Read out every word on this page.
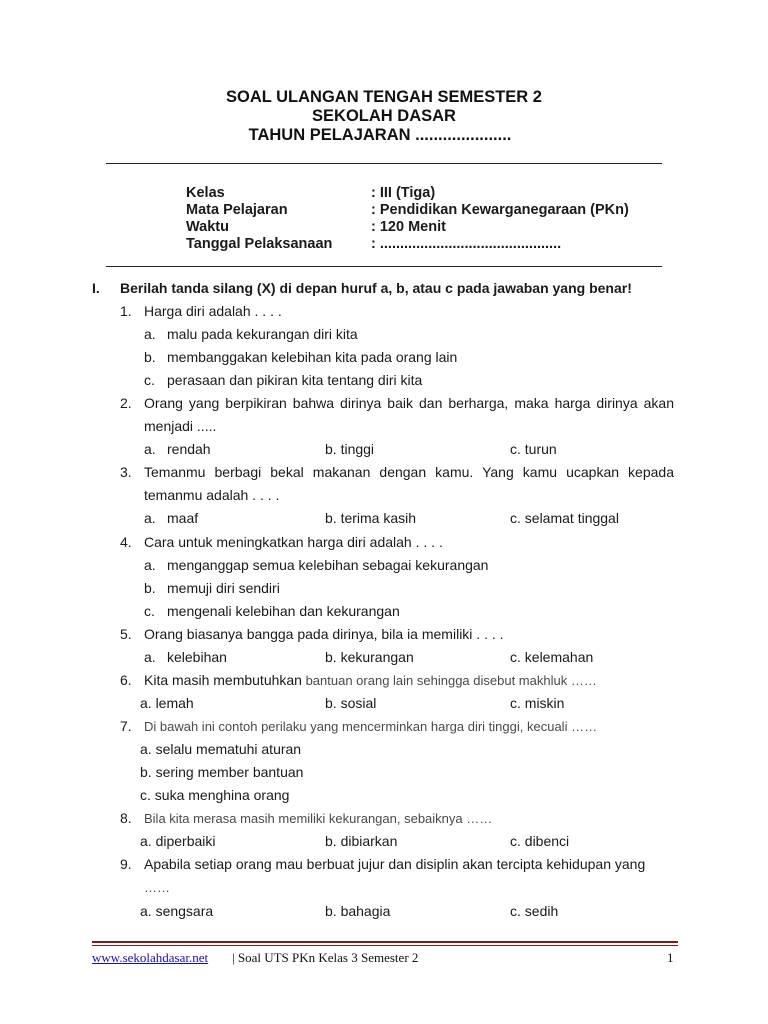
SOAL ULANGAN TENGAH SEMESTER 2
SEKOLAH DASAR
TAHUN PELAJARAN .....................
Kelas	: III (Tiga)
Mata Pelajaran	: Pendidikan Kewarganegaraan (PKn)
Waktu	: 120 Menit
Tanggal Pelaksanaan	: .............................................
I. Berilah tanda silang (X) di depan huruf a, b, atau c pada jawaban yang benar!
1. Harga diri adalah . . . .
a. malu pada kekurangan diri kita
b. membanggakan kelebihan kita pada orang lain
c. perasaan dan pikiran kita tentang diri kita
2. Orang yang berpikiran bahwa dirinya baik dan berharga, maka harga dirinya akan
menjadi .....
a. rendah	b. tinggi	c. turun
3. Temanmu berbagi bekal makanan dengan kamu. Yang kamu ucapkan kepada
temanmu adalah . . . .
a. maaf	b. terima kasih	c. selamat tinggal
4. Cara untuk meningkatkan harga diri adalah . . . .
a. menganggap semua kelebihan sebagai kekurangan
b. memuji diri sendiri
c. mengenali kelebihan dan kekurangan
5. Orang biasanya bangga pada dirinya, bila ia memiliki . . . .
a. kelebihan	b. kekurangan	c. kelemahan
6. Kita masih membutuhkan bantuan orang lain sehingga disebut makhluk ……
a. lemah	b. sosial	c. miskin
7. Di bawah ini contoh perilaku yang mencerminkan harga diri tinggi, kecuali ……
a. selalu mematuhi aturan
b. sering member bantuan
c. suka menghina orang
8. Bila kita merasa masih memiliki kekurangan, sebaiknya ……
a. diperbaiki	b. dibiarkan	c. dibenci
9. Apabila setiap orang mau berbuat jujur dan disiplin akan tercipta kehidupan yang
……
a. sengsara	b. bahagia	c. sedih
www.sekolahdasar.net | Soal UTS PKn Kelas 3 Semester 2	1
